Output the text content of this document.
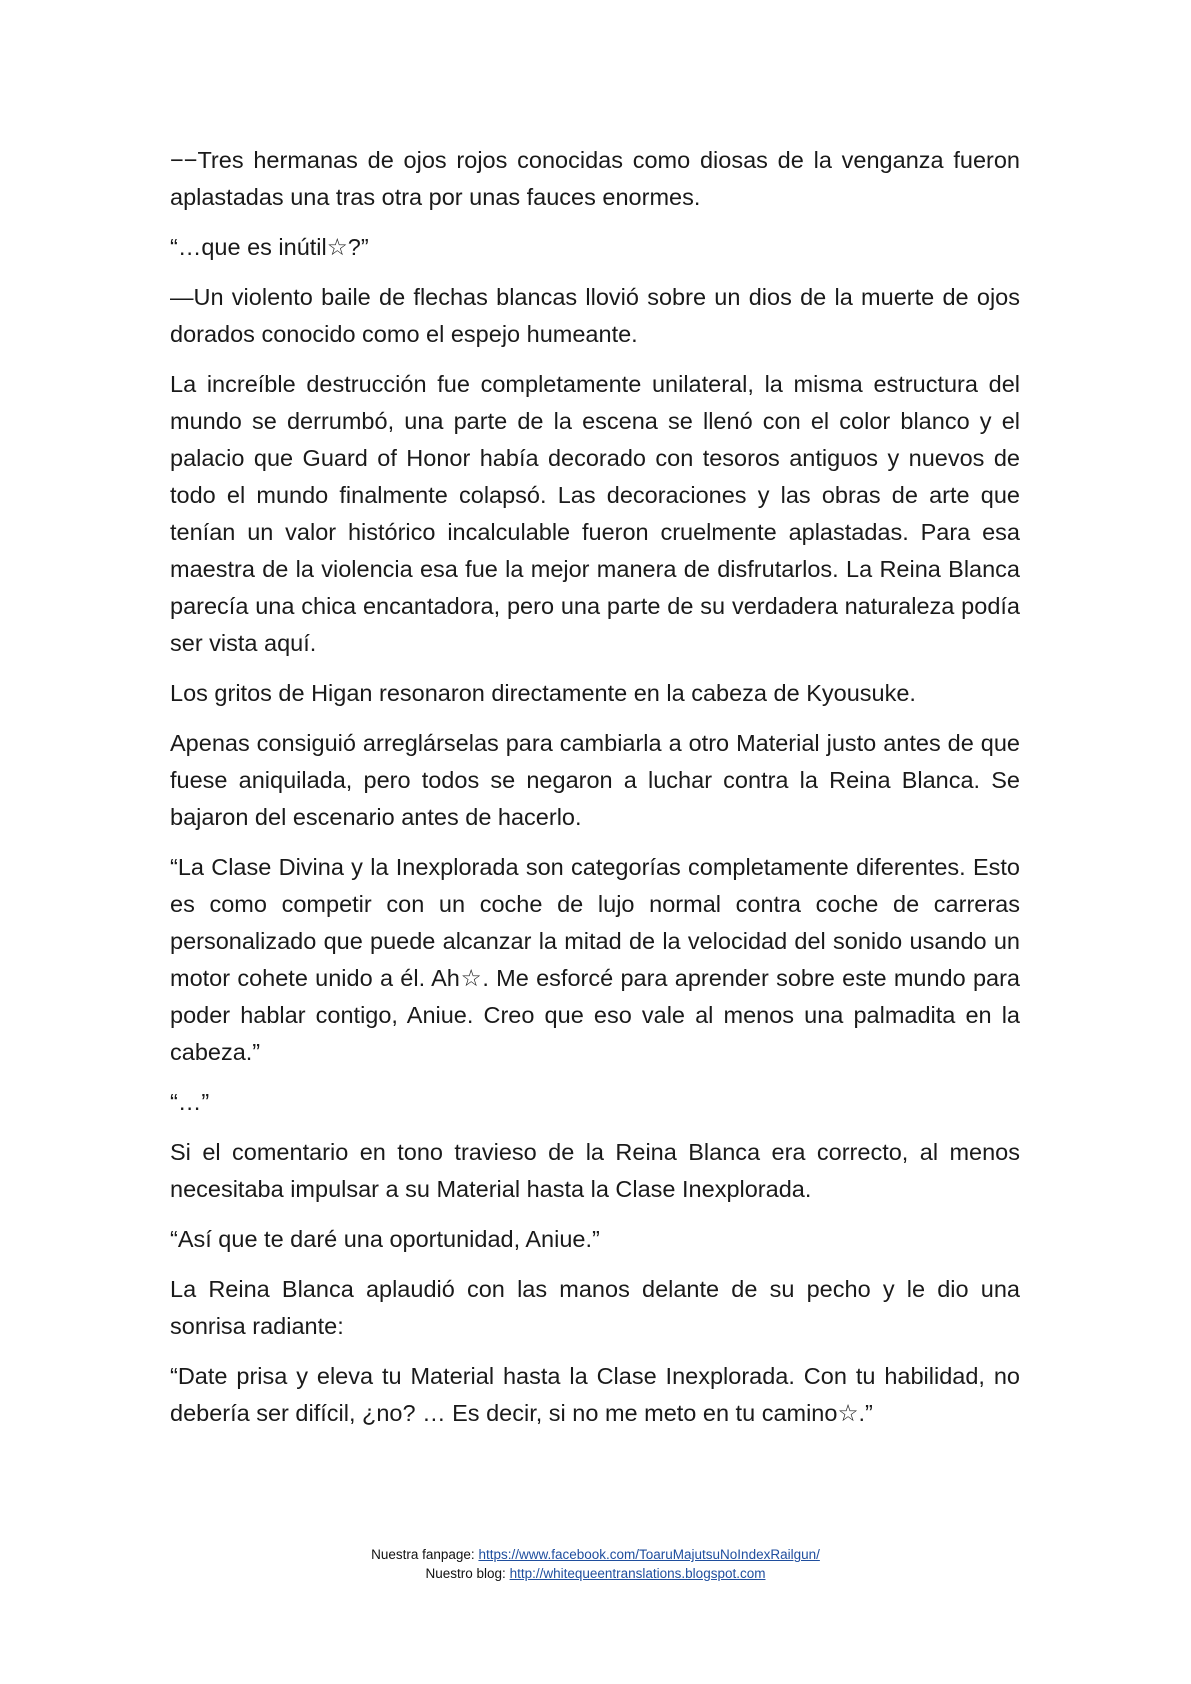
−−Tres hermanas de ojos rojos conocidas como diosas de la venganza fueron aplastadas una tras otra por unas fauces enormes.

“…que es inútil☆?”

—Un violento baile de flechas blancas llovió sobre un dios de la muerte de ojos dorados conocido como el espejo humeante.

La increíble destrucción fue completamente unilateral, la misma estructura del mundo se derrumbó, una parte de la escena se llenó con el color blanco y el palacio que Guard of Honor había decorado con tesoros antiguos y nuevos de todo el mundo finalmente colapsó. Las decoraciones y las obras de arte que tenían un valor histórico incalculable fueron cruelmente aplastadas. Para esa maestra de la violencia esa fue la mejor manera de disfrutarlos. La Reina Blanca parecía una chica encantadora, pero una parte de su verdadera naturaleza podía ser vista aquí.

Los gritos de Higan resonaron directamente en la cabeza de Kyousuke.

Apenas consiguió arreglárselas para cambiarla a otro Material justo antes de que fuese aniquilada, pero todos se negaron a luchar contra la Reina Blanca. Se bajaron del escenario antes de hacerlo.

“La Clase Divina y la Inexplorada son categorías completamente diferentes. Esto es como competir con un coche de lujo normal contra coche de carreras personalizado que puede alcanzar la mitad de la velocidad del sonido usando un motor cohete unido a él. Ah☆. Me esforcé para aprender sobre este mundo para poder hablar contigo, Aniue. Creo que eso vale al menos una palmadita en la cabeza.”

“…”

Si el comentario en tono travieso de la Reina Blanca era correcto, al menos necesitaba impulsar a su Material hasta la Clase Inexplorada.

“Así que te daré una oportunidad, Aniue.”

La Reina Blanca aplaudió con las manos delante de su pecho y le dio una sonrisa radiante:

“Date prisa y eleva tu Material hasta la Clase Inexplorada. Con tu habilidad, no debería ser difícil, ¿no? … Es decir, si no me meto en tu camino☆.”

Nuestra fanpage: https://www.facebook.com/ToaruMajutsuNoIndexRailgun/
Nuestro blog: http://whitequeentranslations.blogspot.com
